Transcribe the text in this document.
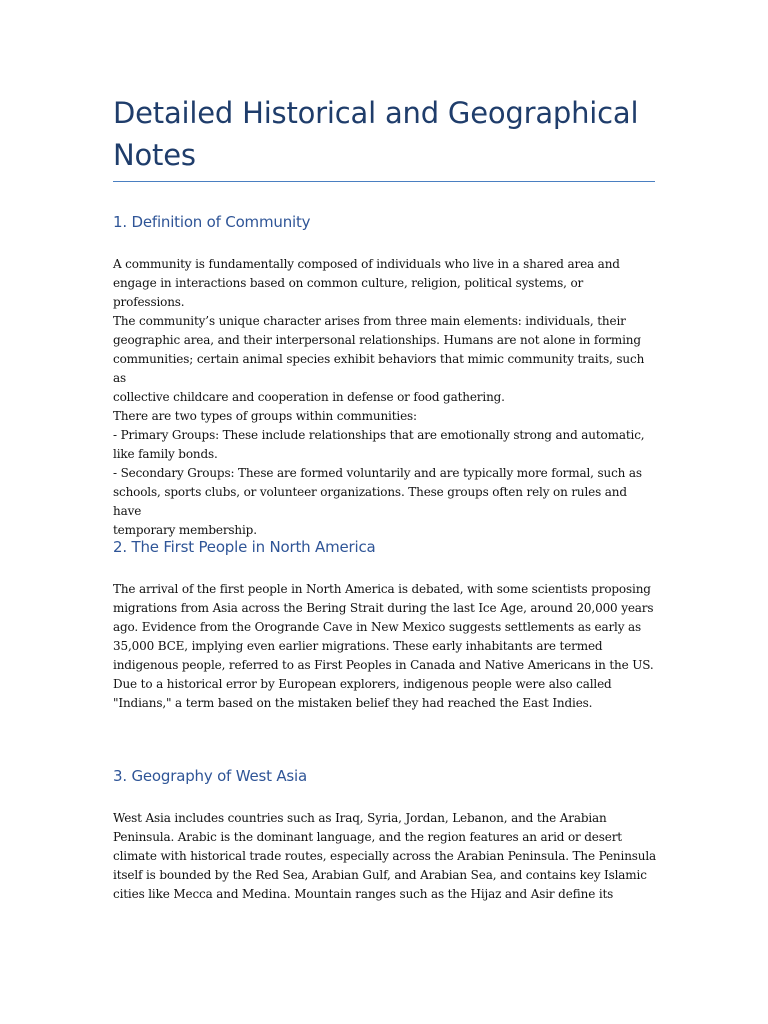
Detailed Historical and Geographical Notes
1. Definition of Community
A community is fundamentally composed of individuals who live in a shared area and
engage in interactions based on common culture, religion, political systems, or professions.
The community’s unique character arises from three main elements: individuals, their
geographic area, and their interpersonal relationships. Humans are not alone in forming
communities; certain animal species exhibit behaviors that mimic community traits, such as
collective childcare and cooperation in defense or food gathering.
There are two types of groups within communities:
- Primary Groups: These include relationships that are emotionally strong and automatic,
like family bonds.
- Secondary Groups: These are formed voluntarily and are typically more formal, such as
schools, sports clubs, or volunteer organizations. These groups often rely on rules and have
temporary membership.
2. The First People in North America
The arrival of the first people in North America is debated, with some scientists proposing
migrations from Asia across the Bering Strait during the last Ice Age, around 20,000 years
ago. Evidence from the Orogrande Cave in New Mexico suggests settlements as early as
35,000 BCE, implying even earlier migrations. These early inhabitants are termed
indigenous people, referred to as First Peoples in Canada and Native Americans in the US.
Due to a historical error by European explorers, indigenous people were also called
"Indians," a term based on the mistaken belief they had reached the East Indies.
3. Geography of West Asia
West Asia includes countries such as Iraq, Syria, Jordan, Lebanon, and the Arabian
Peninsula. Arabic is the dominant language, and the region features an arid or desert
climate with historical trade routes, especially across the Arabian Peninsula. The Peninsula
itself is bounded by the Red Sea, Arabian Gulf, and Arabian Sea, and contains key Islamic
cities like Mecca and Medina. Mountain ranges such as the Hijaz and Asir define its
